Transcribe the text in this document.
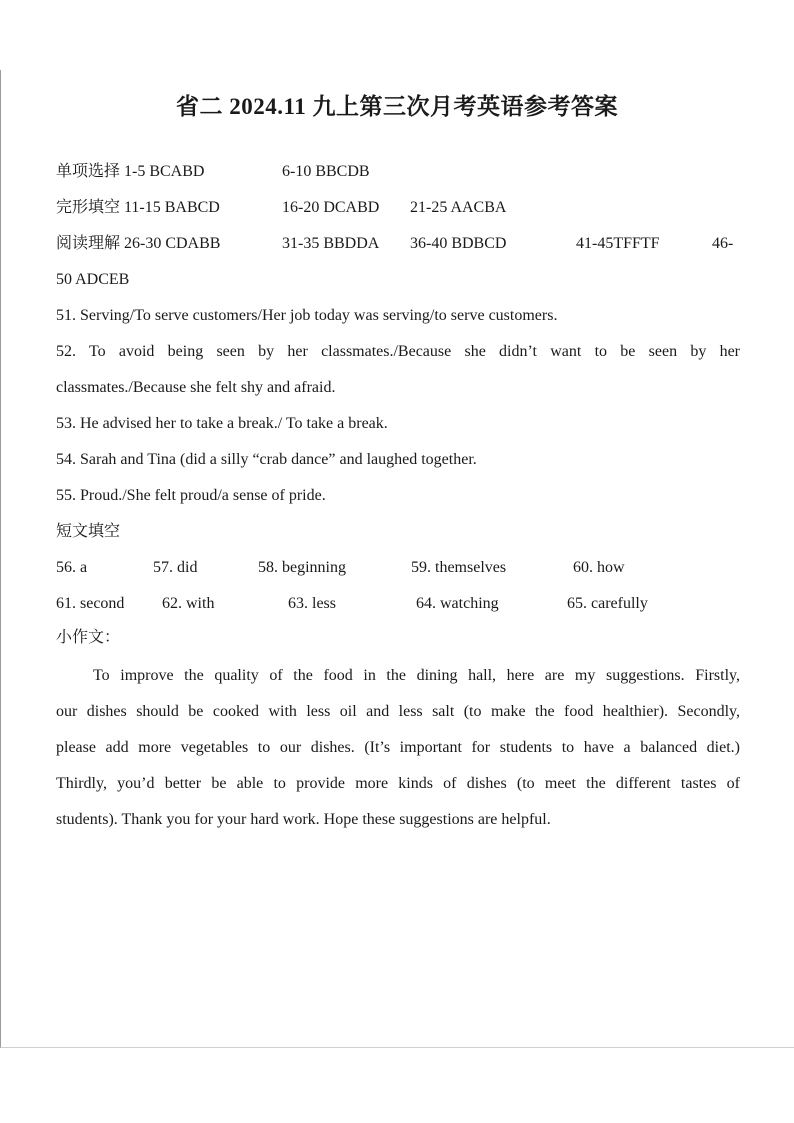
省二 2024.11 九上第三次月考英语参考答案
单项选择 1-5 BCABD	6-10 BBCDB
完形填空 11-15 BABCD	16-20 DCABD 21-25 AACBA
阅读理解 26-30 CDABB	31-35 BBDDA 36-40 BDBCD	41-45TFFTF	46-
50 ADCEB
51. Serving/To serve customers/Her job today was serving/to serve customers.
52. To avoid being seen by her classmates./Because she didn’t want to be seen by her
classmates./Because she felt shy and afraid.
53. He advised her to take a break./ To take a break.
54. Sarah and Tina (did a silly “crab dance” and laughed together.
55. Proud./She felt proud/a sense of pride.
短文填空
56. a	57. did	58. beginning	59. themselves	60. how
61. second 62. with	63. less	64. watching	65. carefully
小作文：
To improve the quality of the food in the dining hall, here are my suggestions. Firstly,
our dishes should be cooked with less oil and less salt (to make the food healthier). Secondly,
please add more vegetables to our dishes. (It’s important for students to have a balanced diet.)
Thirdly, you’d better be able to provide more kinds of dishes (to meet the different tastes of
students). Thank you for your hard work. Hope these suggestions are helpful.
